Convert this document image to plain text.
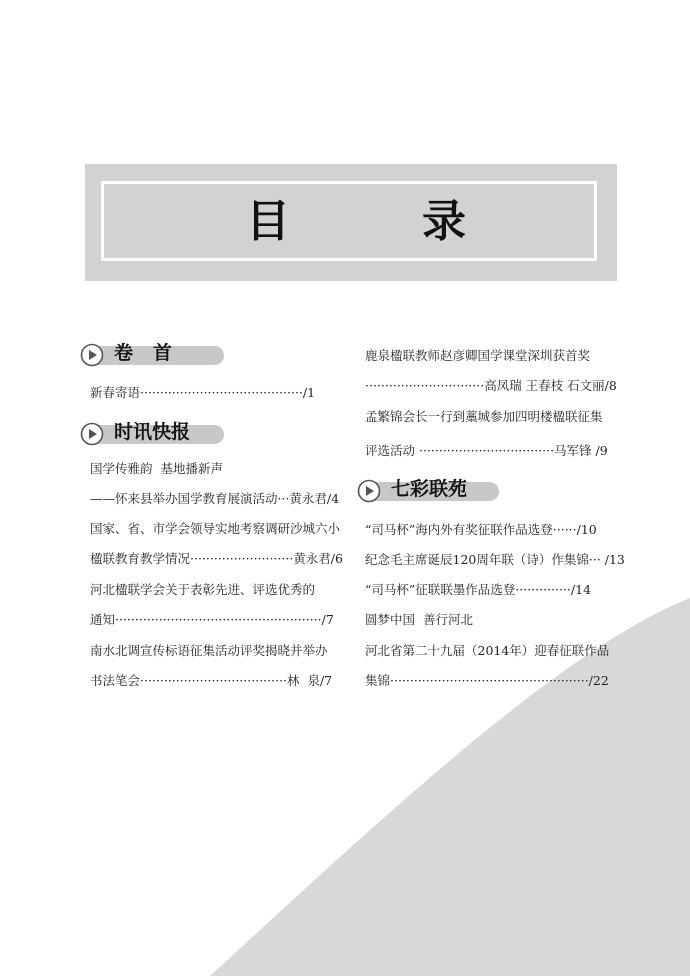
目	录
卷   首
新春寄语·········································/1
时讯快报
国学传雅韵  基地播新声
——怀来县举办国学教育展演活动···黄永君/4
国家、省、市学会领导实地考察调研沙城六小
楹联教育教学情况··························黄永君/6
河北楹联学会关于表彰先进、评选优秀的
通知····················································/7
南水北调宣传标语征集活动评奖揭晓并举办
书法笔会·····································林  泉/7
鹿泉楹联教师赵彦卿国学课堂深圳获首奖
······························高凤瑞 王春枝 石文丽/8
孟繁锦会长一行到藁城参加四明楼楹联征集
评选活动 ··································马军锋 /9
七彩联苑
“司马杯”海内外有奖征联作品选登······/10
纪念毛主席诞辰120周年联（诗）作集锦··· /13
“司马杯”征联联墨作品选登··············/14
圆梦中国  善行河北
河北省第二十九届（2014年）迎春征联作品
集锦··················································/22
